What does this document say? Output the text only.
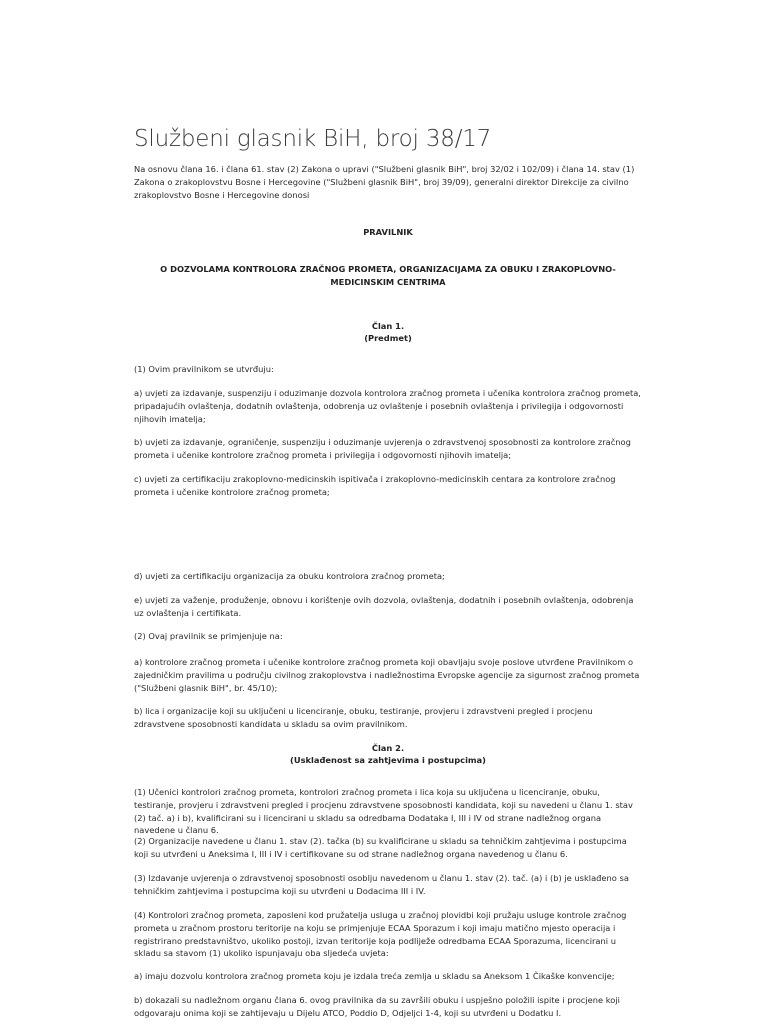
Službeni glasnik BiH, broj 38/17

Na osnovu člana 16. i člana 61. stav (2) Zakona o upravi ("Službeni glasnik BiH", broj 32/02 i 102/09) i člana 14. stav (1) Zakona o zrakoplovstvu Bosne i Hercegovine ("Službeni glasnik BiH", broj 39/09), generalni direktor Direkcije za civilno zrakoplovstvo Bosne i Hercegovine donosi

PRAVILNIK

O DOZVOLAMA KONTROLORA ZRAČNOG PROMETA, ORGANIZACIJAMA ZA OBUKU I ZRAKOPLOVNO-MEDICINSKIM CENTRIMA

Član 1.

(Predmet)

(1) Ovim pravilnikom se utvrđuju:

a) uvjeti za izdavanje, suspenziju i oduzimanje dozvola kontrolora zračnog prometa i učenika kontrolora zračnog prometa, pripadajućih ovlaštenja, dodatnih ovlaštenja, odobrenja uz ovlaštenje i posebnih ovlaštenja i privilegija i odgovornosti njihovih imatelja;

b) uvjeti za izdavanje, ograničenje, suspenziju i oduzimanje uvjerenja o zdravstvenoj sposobnosti za kontrolore zračnog prometa i učenike kontrolore zračnog prometa i privilegija i odgovornosti njihovih imatelja;

c) uvjeti za certifikaciju zrakoplovno-medicinskih ispitivača i zrakoplovno-medicinskih centara za kontrolore zračnog prometa i učenike kontrolore zračnog prometa;

d) uvjeti za certifikaciju organizacija za obuku kontrolora zračnog prometa;

e) uvjeti za važenje, produženje, obnovu i korištenje ovih dozvola, ovlaštenja, dodatnih i posebnih ovlaštenja, odobrenja uz ovlaštenja i certifikata.

(2) Ovaj pravilnik se primjenjuje na:

a) kontrolore zračnog prometa i učenike kontrolore zračnog prometa koji obavljaju svoje poslove utvrđene Pravilnikom o zajedničkim pravilima u području civilnog zrakoplovstva i nadležnostima Evropske agencije za sigurnost zračnog prometa ("Službeni glasnik BiH", br. 45/10);

b) lica i organizacije koji su uključeni u licenciranje, obuku, testiranje, provjeru i zdravstveni pregled i procjenu zdravstvene sposobnosti kandidata u skladu sa ovim pravilnikom.

Član 2.

(Usklađenost sa zahtjevima i postupcima)

(1) Učenici kontrolori zračnog prometa, kontrolori zračnog prometa i lica koja su uključena u licenciranje, obuku, testiranje, provjeru i zdravstveni pregled i procjenu zdravstvene sposobnosti kandidata, koji su navedeni u članu 1. stav (2) tač. a) i b), kvalificirani su i licencirani u skladu sa odredbama Dodataka I, III i IV od strane nadležnog organa navedene u članu 6.

(2) Organizacije navedene u članu 1. stav (2). tačka (b) su kvalificirane u skladu sa tehničkim zahtjevima i postupcima koji su utvrđeni u Aneksima I, III i IV i certifikovane su od strane nadležnog organa navedenog u članu 6.

(3) Izdavanje uvjerenja o zdravstvenoj sposobnosti osoblju navedenom u članu 1. stav (2). tač. (a) i (b) je usklađeno sa tehničkim zahtjevima i postupcima koji su utvrđeni u Dodacima III i IV.

(4) Kontrolori zračnog prometa, zaposleni kod pružatelja usluga u zračnoj plovidbi koji pružaju usluge kontrole zračnog prometa u zračnom prostoru teritorije na koju se primjenjuje ECAA Sporazum i koji imaju matično mjesto operacija i registrirano predstavništvo, ukoliko postoji, izvan teritorije koja podliježe odredbama ECAA Sporazuma, licencirani u skladu sa stavom (1) ukoliko ispunjavaju oba sljedeća uvjeta:

a) imaju dozvolu kontrolora zračnog prometa koju je izdala treća zemlja u skladu sa Aneksom 1 Čikaške konvencije;

b) dokazali su nadležnom organu člana 6. ovog pravilnika da su završili obuku i uspješno položili ispite i procjene koji odgovaraju onima koji se zahtijevaju u Dijelu ATCO, Poddio D, Odjeljci 1-4, koji su utvrđeni u Dodatku I.
